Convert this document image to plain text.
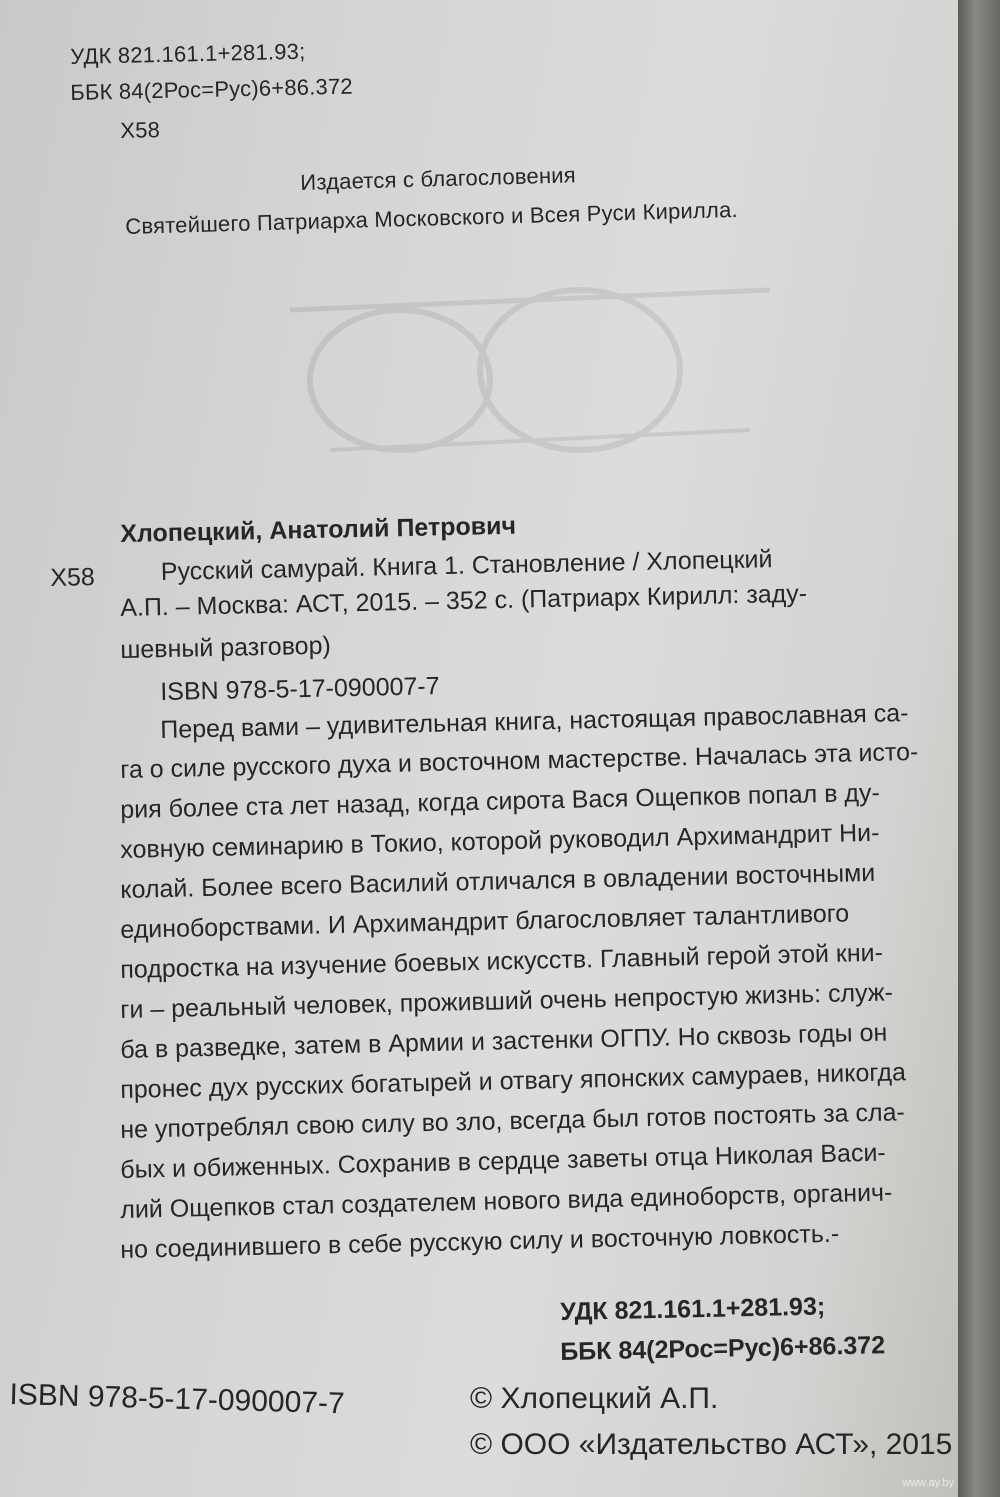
УДК 821.161.1+281.93;
ББК 84(2Рос=Рус)6+86.372
Х58
Издается с благословения
Святейшего Патриарха Московского и Всея Руси Кирилла.
Хлопецкий, Анатолий Петрович
Х58	Русский самурай. Книга 1. Становление / Хлопецкий
А.П. – Москва: АСТ, 2015. – 352 с. (Патриарх Кирилл: заду-
шевный разговор)
ISBN 978-5-17-090007-7
Перед вами – удивительная книга, настоящая православная са-
га о силе русского духа и восточном мастерстве. Началась эта исто-
рия более ста лет назад, когда сирота Вася Ощепков попал в ду-
ховную семинарию в Токио, которой руководил Архимандрит Ни-
колай. Более всего Василий отличался в овладении восточными
единоборствами. И Архимандрит благословляет талантливого
подростка на изучение боевых искусств. Главный герой этой кни-
ги – реальный человек, проживший очень непростую жизнь: служ-
ба в разведке, затем в Армии и застенки ОГПУ. Но сквозь годы он
пронес дух русских богатырей и отвагу японских самураев, никогда
не употреблял свою силу во зло, всегда был готов постоять за сла-
бых и обиженных. Сохранив в сердце заветы отца Николая Васи-
лий Ощепков стал создателем нового вида единоборств, органич-
но соединившего в себе русскую силу и восточную ловкость.-
УДК 821.161.1+281.93;
ББК 84(2Рос=Рус)6+86.372
ISBN 978-5-17-090007-7	© Хлопецкий А.П.
© ООО «Издательство АСТ», 2015
www.ay.by
